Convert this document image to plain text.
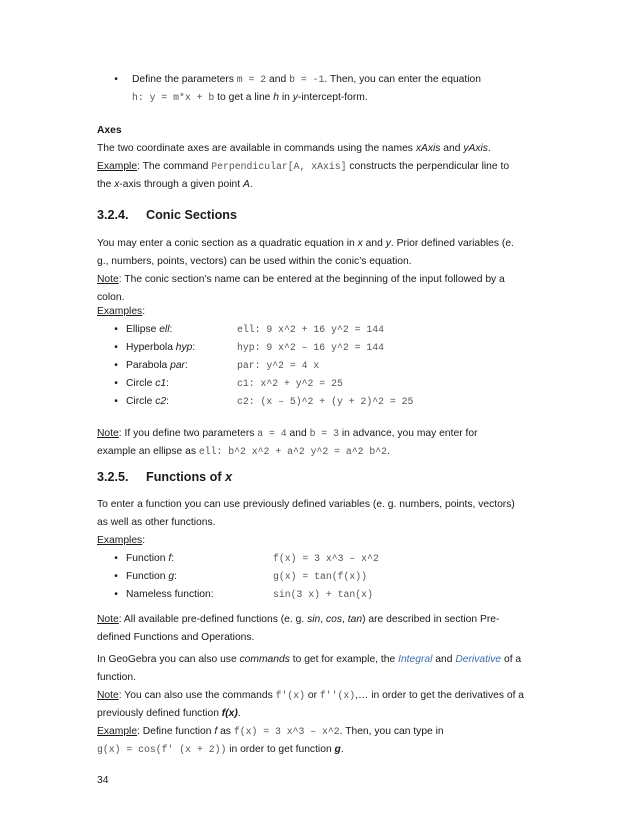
•	Define the parameters m = 2 and b = -1. Then, you can enter the equation
h: y = m*x + b to get a line h in y-intercept-form.
Axes
The two coordinate axes are available in commands using the names xAxis and yAxis.
Example: The command Perpendicular[A, xAxis] constructs the perpendicular line to
the x-axis through a given point A.
3.2.4. Conic Sections
You may enter a conic section as a quadratic equation in x and y. Prior defined variables (e.
g., numbers, points, vectors) can be used within the conic’s equation.
Note: The conic section’s name can be entered at the beginning of the input followed by a
colon.
Examples:
• Ellipse ell:	ell: 9 x^2 + 16 y^2 = 144
• Hyperbola hyp:	hyp: 9 x^2 – 16 y^2 = 144
• Parabola par:	par: y^2 = 4 x
• Circle c1:	c1: x^2 + y^2 = 25
• Circle c2:	c2: (x – 5)^2 + (y + 2)^2 = 25
Note: If you define two parameters a = 4 and b = 3 in advance, you may enter for
example an ellipse as ell: b^2 x^2 + a^2 y^2 = a^2 b^2.
3.2.5. Functions of x
To enter a function you can use previously defined variables (e. g. numbers, points, vectors)
as well as other functions.
Examples:
• Function f:	f(x) = 3 x^3 – x^2
• Function g:	g(x) = tan(f(x))
• Nameless function:	sin(3 x) + tan(x)
Note: All available pre-defined functions (e. g. sin, cos, tan) are described in section Pre-
defined Functions and Operations.
In GeoGebra you can also use commands to get for example, the Integral and Derivative of a
function.
Note: You can also use the commands f'(x) or f''(x),… in order to get the derivatives of a
previously defined function f(x).
Example: Define function f as f(x) = 3 x^3 – x^2. Then, you can type in
g(x) = cos(f' (x + 2)) in order to get function g.
34
